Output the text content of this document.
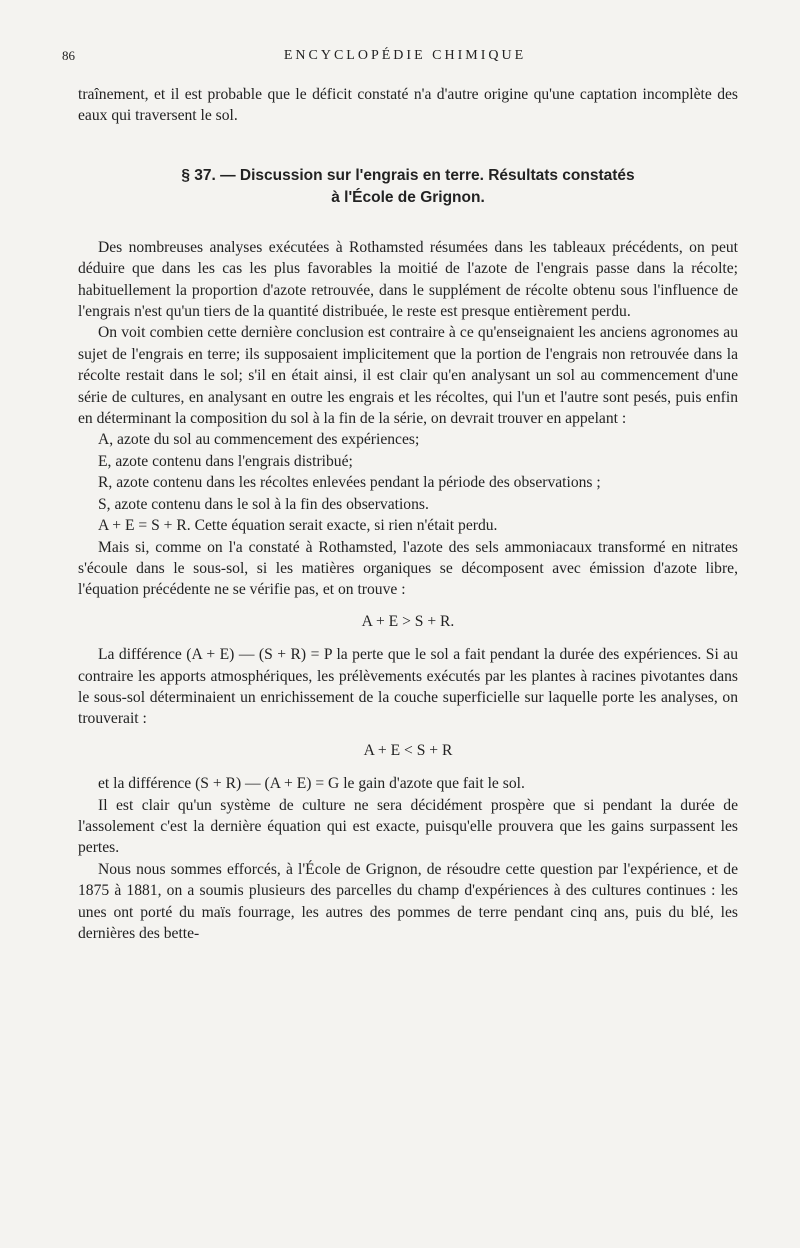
86	ENCYCLOPÉDIE CHIMIQUE

traînement, et il est probable que le déficit constaté n'a d'autre origine qu'une captation incomplète des eaux qui traversent le sol.

§ 37. — Discussion sur l'engrais en terre. Résultats constatés
à l'École de Grignon.

Des nombreuses analyses exécutées à Rothamsted résumées dans les tableaux précédents, on peut déduire que dans les cas les plus favorables la moitié de l'azote de l'engrais passe dans la récolte; habituellement la proportion d'azote retrouvée, dans le supplément de récolte obtenu sous l'influence de l'engrais n'est qu'un tiers de la quantité distribuée, le reste est presque entièrement perdu.

On voit combien cette dernière conclusion est contraire à ce qu'enseignaient les anciens agronomes au sujet de l'engrais en terre; ils supposaient implicitement que la portion de l'engrais non retrouvée dans la récolte restait dans le sol; s'il en était ainsi, il est clair qu'en analysant un sol au commencement d'une série de cultures, en analysant en outre les engrais et les récoltes, qui l'un et l'autre sont pesés, puis enfin en déterminant la composition du sol à la fin de la série, on devrait trouver en appelant :

A, azote du sol au commencement des expériences;

E, azote contenu dans l'engrais distribué;

R, azote contenu dans les récoltes enlevées pendant la période des observations ;

S, azote contenu dans le sol à la fin des observations.

A + E = S + R. Cette équation serait exacte, si rien n'était perdu.

Mais si, comme on l'a constaté à Rothamsted, l'azote des sels ammoniacaux transformé en nitrates s'écoule dans le sous-sol, si les matières organiques se décomposent avec émission d'azote libre, l'équation précédente ne se vérifie pas, et on trouve :

A + E > S + R.

La différence (A + E) — (S + R) = P la perte que le sol a fait pendant la durée des expériences. Si au contraire les apports atmosphériques, les prélèvements exécutés par les plantes à racines pivotantes dans le sous-sol déterminaient un enrichissement de la couche superficielle sur laquelle porte les analyses, on trouverait :

A + E < S + R

et la différence (S + R) — (A + E) = G le gain d'azote que fait le sol.

Il est clair qu'un système de culture ne sera décidément prospère que si pendant la durée de l'assolement c'est la dernière équation qui est exacte, puisqu'elle prouvera que les gains surpassent les pertes.

Nous nous sommes efforcés, à l'École de Grignon, de résoudre cette question par l'expérience, et de 1875 à 1881, on a soumis plusieurs des parcelles du champ d'expériences à des cultures continues : les unes ont porté du maïs fourrage, les autres des pommes de terre pendant cinq ans, puis du blé, les dernières des bette-
